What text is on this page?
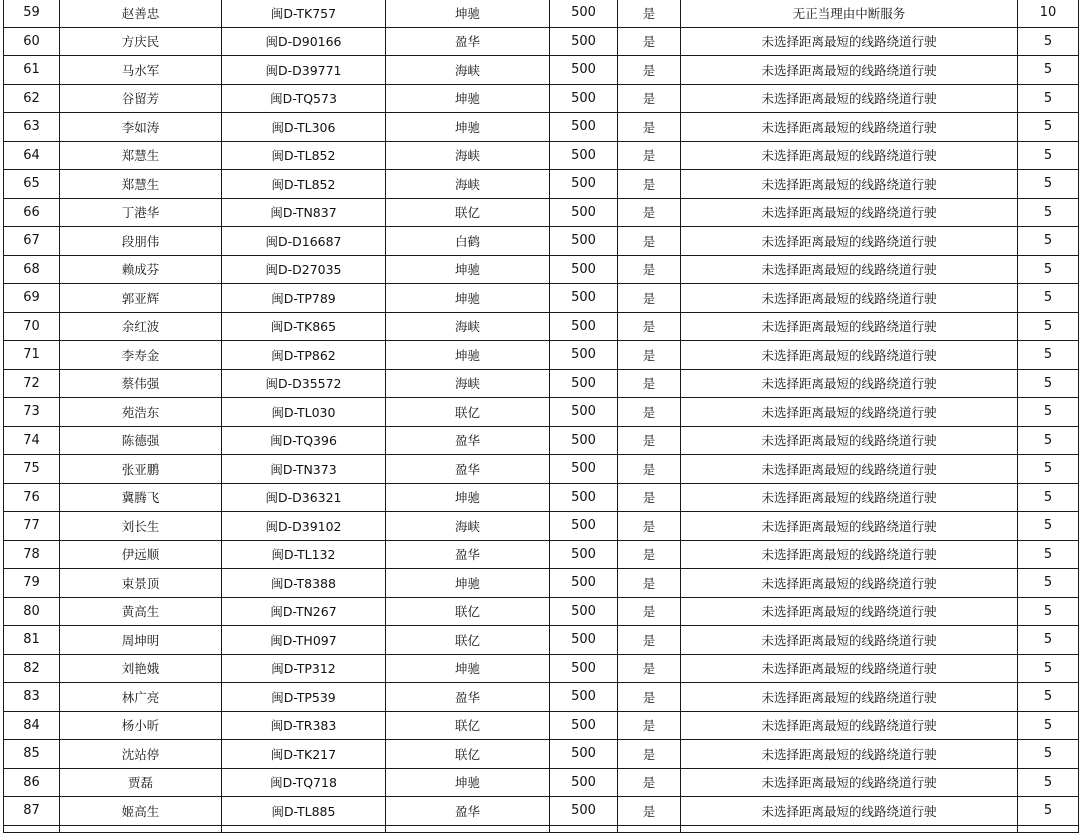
59	赵善忠	闽D-TK757	坤驰	500	是	无正当理由中断服务	10
60	方庆民	闽D-D90166	盈华	500	是	未选择距离最短的线路绕道行驶	5
61	马水军	闽D-D39771	海峡	500	是	未选择距离最短的线路绕道行驶	5
62	谷留芳	闽D-TQ573	坤驰	500	是	未选择距离最短的线路绕道行驶	5
63	李如涛	闽D-TL306	坤驰	500	是	未选择距离最短的线路绕道行驶	5
64	郑慧生	闽D-TL852	海峡	500	是	未选择距离最短的线路绕道行驶	5
65	郑慧生	闽D-TL852	海峡	500	是	未选择距离最短的线路绕道行驶	5
66	丁港华	闽D-TN837	联亿	500	是	未选择距离最短的线路绕道行驶	5
67	段朋伟	闽D-D16687	白鹤	500	是	未选择距离最短的线路绕道行驶	5
68	赖成芬	闽D-D27035	坤驰	500	是	未选择距离最短的线路绕道行驶	5
69	郭亚辉	闽D-TP789	坤驰	500	是	未选择距离最短的线路绕道行驶	5
70	余红波	闽D-TK865	海峡	500	是	未选择距离最短的线路绕道行驶	5
71	李寿金	闽D-TP862	坤驰	500	是	未选择距离最短的线路绕道行驶	5
72	蔡伟强	闽D-D35572	海峡	500	是	未选择距离最短的线路绕道行驶	5
73	苑浩东	闽D-TL030	联亿	500	是	未选择距离最短的线路绕道行驶	5
74	陈德强	闽D-TQ396	盈华	500	是	未选择距离最短的线路绕道行驶	5
75	张亚鹏	闽D-TN373	盈华	500	是	未选择距离最短的线路绕道行驶	5
76	冀腾飞	闽D-D36321	坤驰	500	是	未选择距离最短的线路绕道行驶	5
77	刘长生	闽D-D39102	海峡	500	是	未选择距离最短的线路绕道行驶	5
78	伊远顺	闽D-TL132	盈华	500	是	未选择距离最短的线路绕道行驶	5
79	束景顶	闽D-T8388	坤驰	500	是	未选择距离最短的线路绕道行驶	5
80	黄高生	闽D-TN267	联亿	500	是	未选择距离最短的线路绕道行驶	5
81	周坤明	闽D-TH097	联亿	500	是	未选择距离最短的线路绕道行驶	5
82	刘艳娥	闽D-TP312	坤驰	500	是	未选择距离最短的线路绕道行驶	5
83	林广亮	闽D-TP539	盈华	500	是	未选择距离最短的线路绕道行驶	5
84	杨小昕	闽D-TR383	联亿	500	是	未选择距离最短的线路绕道行驶	5
85	沈站停	闽D-TK217	联亿	500	是	未选择距离最短的线路绕道行驶	5
86	贾磊	闽D-TQ718	坤驰	500	是	未选择距离最短的线路绕道行驶	5
87	姬高生	闽D-TL885	盈华	500	是	未选择距离最短的线路绕道行驶	5
